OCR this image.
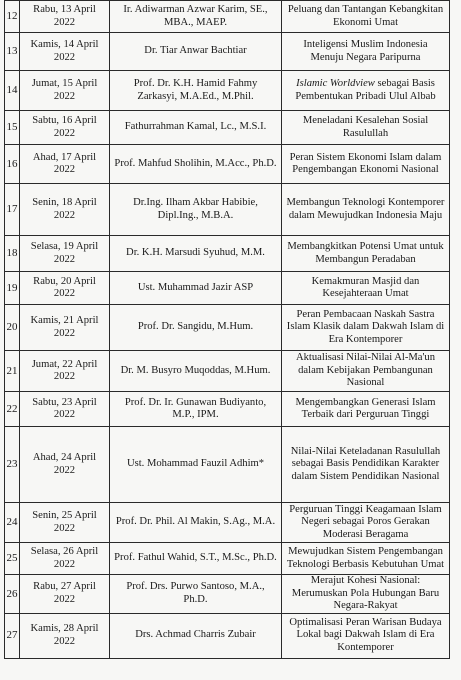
12	Rabu, 13 April 2022	Ir. Adiwarman Azwar Karim, SE., MBA., MAEP.	Peluang dan Tantangan Kebangkitan Ekonomi Umat
13	Kamis, 14 April 2022	Dr. Tiar Anwar Bachtiar	Inteligensi Muslim Indonesia Menuju Negara Paripurna
14	Jumat, 15 April 2022	Prof. Dr. K.H. Hamid Fahmy Zarkasyi, M.A.Ed., M.Phil.	Islamic Worldview sebagai Basis Pembentukan Pribadi Ulul Albab
15	Sabtu, 16 April 2022	Fathurrahman Kamal, Lc., M.S.I.	Meneladani Kesalehan Sosial Rasulullah
16	Ahad, 17 April 2022	Prof. Mahfud Sholihin, M.Acc., Ph.D.	Peran Sistem Ekonomi Islam dalam Pengembangan Ekonomi Nasional
17	Senin, 18 April 2022	Dr.Ing. Ilham Akbar Habibie, Dipl.Ing., M.B.A.	Membangun Teknologi Kontemporer dalam Mewujudkan Indonesia Maju
18	Selasa, 19 April 2022	Dr. K.H. Marsudi Syuhud, M.M.	Membangkitkan Potensi Umat untuk Membangun Peradaban
19	Rabu, 20 April 2022	Ust. Muhammad Jazir ASP	Kemakmuran Masjid dan Kesejahteraan Umat
20	Kamis, 21 April 2022	Prof. Dr. Sangidu, M.Hum.	Peran Pembacaan Naskah Sastra Islam Klasik dalam Dakwah Islam di Era Kontemporer
21	Jumat, 22 April 2022	Dr. M. Busyro Muqoddas, M.Hum.	Aktualisasi Nilai-Nilai Al-Ma'un dalam Kebijakan Pembangunan Nasional
22	Sabtu, 23 April 2022	Prof. Dr. Ir. Gunawan Budiyanto, M.P., IPM.	Mengembangkan Generasi Islam Terbaik dari Perguruan Tinggi
23	Ahad, 24 April 2022	Ust. Mohammad Fauzil Adhim*	Nilai-Nilai Keteladanan Rasulullah sebagai Basis Pendidikan Karakter dalam Sistem Pendidikan Nasional
24	Senin, 25 April 2022	Prof. Dr. Phil. Al Makin, S.Ag., M.A.	Perguruan Tinggi Keagamaan Islam Negeri sebagai Poros Gerakan Moderasi Beragama
25	Selasa, 26 April 2022	Prof. Fathul Wahid, S.T., M.Sc., Ph.D.	Mewujudkan Sistem Pengembangan Teknologi Berbasis Kebutuhan Umat
26	Rabu, 27 April 2022	Prof. Drs. Purwo Santoso, M.A., Ph.D.	Merajut Kohesi Nasional: Merumuskan Pola Hubungan Baru Negara-Rakyat
27	Kamis, 28 April 2022	Drs. Achmad Charris Zubair	Optimalisasi Peran Warisan Budaya Lokal bagi Dakwah Islam di Era Kontemporer
